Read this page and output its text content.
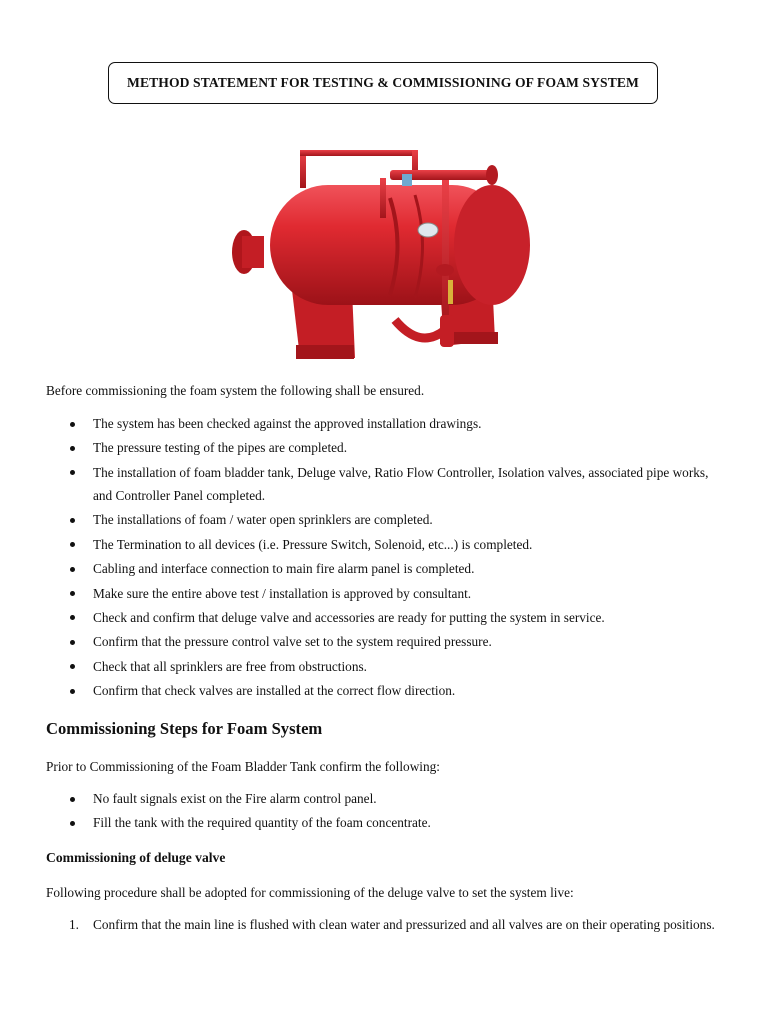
METHOD STATEMENT FOR TESTING & COMMISSIONING OF FOAM SYSTEM
Before commissioning the foam system the following shall be ensured.
The system has been checked against the approved installation drawings.
The pressure testing of the pipes are completed.
The installation of foam bladder tank, Deluge valve, Ratio Flow Controller, Isolation valves, associated pipe works, and Controller Panel completed.
The installations of foam / water open sprinklers are completed.
The Termination to all devices (i.e. Pressure Switch, Solenoid, etc...) is completed.
Cabling and interface connection to main fire alarm panel is completed.
Make sure the entire above test / installation is approved by consultant.
Check and confirm that deluge valve and accessories are ready for putting the system in service.
Confirm that the pressure control valve set to the system required pressure.
Check that all sprinklers are free from obstructions.
Confirm that check valves are installed at the correct flow direction.
Commissioning Steps for Foam System
Prior to Commissioning of the Foam Bladder Tank confirm the following:
No fault signals exist on the Fire alarm control panel.
Fill the tank with the required quantity of the foam concentrate.
Commissioning of deluge valve
Following procedure shall be adopted for commissioning of the deluge valve to set the system live:
1.	Confirm that the main line is flushed with clean water and pressurized and all valves are on their operating positions.
